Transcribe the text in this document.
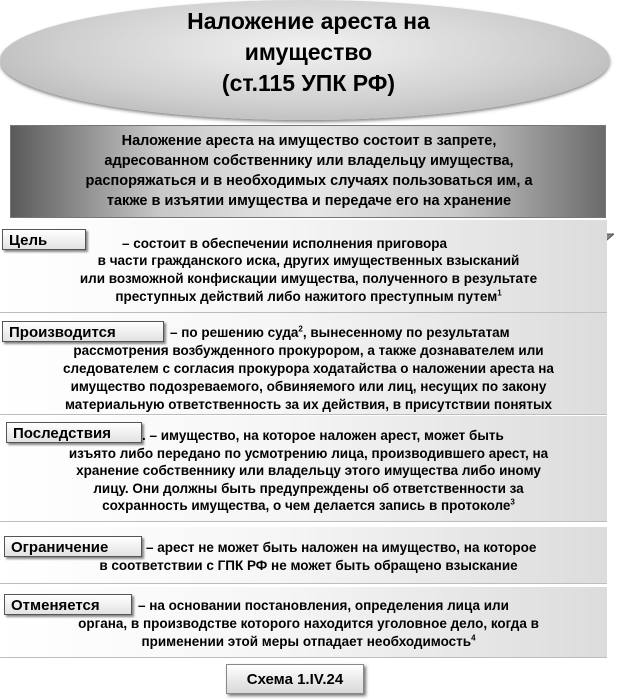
Наложение ареста на
имущество
(ст.115 УПК РФ)
Наложение ареста на имущество состоит в запрете,
адресованном собственнику или владельцу имущества,
распоряжаться и в необходимых случаях пользоваться им, а
также в изъятии имущества и передаче его на хранение
Цель	– состоит в обеспечении исполнения приговора
в части гражданского иска, других имущественных взысканий
или возможной конфискации имущества, полученного в результате
преступных действий либо нажитого преступным путем$^1$
Производится	– по решению суда$^2$, вынесенному по результатам
рассмотрения возбужденного прокурором, а также дознавателем или
следователем с согласия прокурора ходатайства о наложении ареста на
имущество подозреваемого, обвиняемого или лиц, несущих по закону
материальную ответственность за их действия, в присутствии понятых
Последствия	. – имущество, на которое наложен арест, может быть
изъято либо передано по усмотрению лица, производившего арест, на
хранение собственнику или владельцу этого имущества либо иному
лицу. Они должны быть предупреждены об ответственности за
сохранность имущества, о чем делается запись в протоколе$^3$
Ограничение	– арест не может быть наложен на имущество, на которое
в соответствии с ГПК РФ не может быть обращено взыскание
Отменяется	– на основании постановления, определения лица или
органа, в производстве которого находится уголовное дело, когда в
применении этой меры отпадает необходимость$^4$
Схема 1.IV.24
